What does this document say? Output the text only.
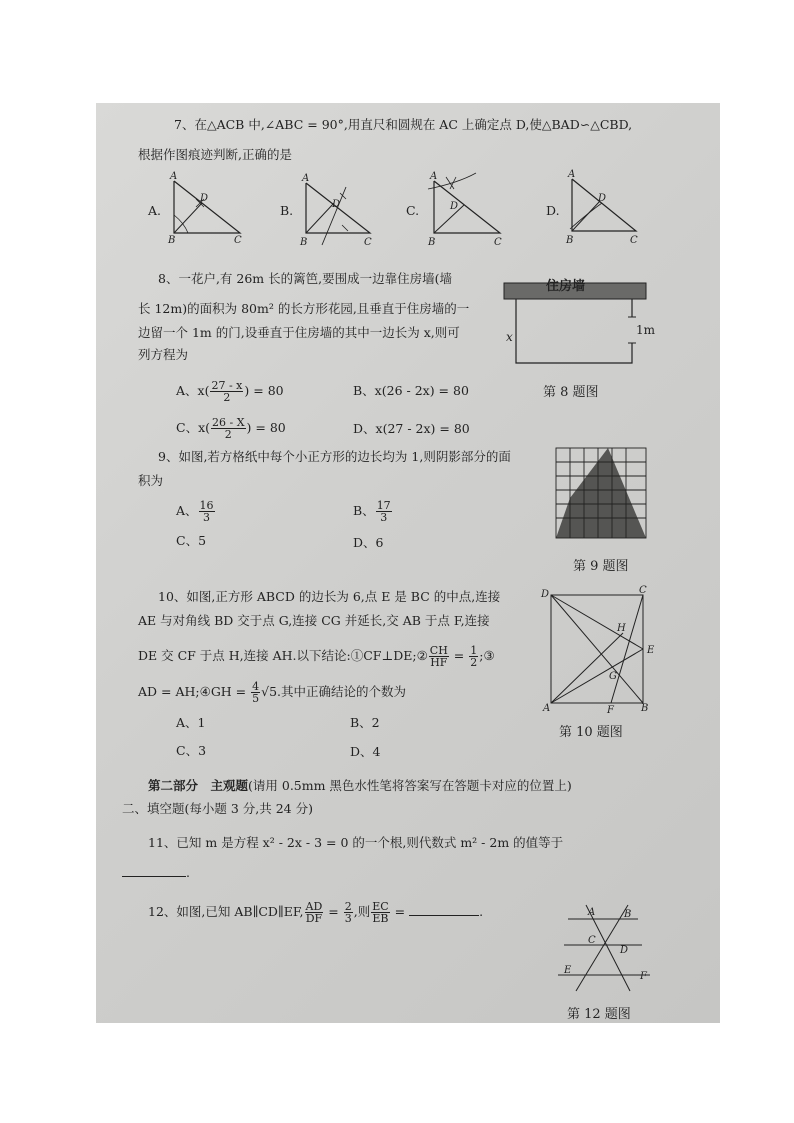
7、在△ACB 中,∠ABC = 90°,用直尺和圆规在 AC 上确定点 D,使△BAD∽△CBD,
根据作图痕迹判断,正确的是
A.
A
B	C
D
B.
A
B	C
D	C.
A
B	C
D	D.
A
B	C
D
8、一花户,有 26m 长的篱笆,要围成一边靠住房墙(墙
长 12m)的面积为 80m² 的长方形花园,且垂直于住房墙的一
边留一个 1m 的门,设垂直于住房墙的其中一边长为 x,则可
列方程为
A、$x( \frac{27 - x}{2}$ ) = 80	B、x(26 - 2x) = 80
C、$x( \frac{26 - X}{2}$ ) = 80	D、x(27 - 2x) = 80
x	1m
住房墙
第 8 题图
9、如图,若方格纸中每个小正方形的边长均为 1,则阴影部分的面
积为
A、 $\frac{16}{3}$	B、 $\frac{17}{3}$
C、5	D、6
第 9 题图
10、如图,正方形 ABCD 的边长为 6,点 E 是 BC 的中点,连接
AE 与对角线 BD 交于点 G,连接 CG 并延长,交 AB 于点 F,连接
DE 交 CF 于点 H,连接 AH.以下结论:①CF⊥DE;② $\frac{CH}{HF} = \frac{1}{2}$ ;③
AD = AH;④GH = $\frac{4}{5} √5$.其中正确结论的个数为
A、1	B、2
C、3	D、4
D	C
A	B
E
F
G
H
第 10 题图
第二部分　主观题(请用 0.5mm 黑色水性笔将答案写在答题卡对应的位置上)
二、填空题(每小题 3 分,共 24 分)
11、已知 m 是方程 x² - 2x - 3 = 0 的一个根,则代数式 m² - 2m 的值等于
.
12、如图,已知 AB∥CD∥EF, $\frac{AD}{DF} = \frac{2}{3}$ ,则 $\frac{EC}{EB}$ =	.	A	B
C
D
E
F
第 12 题图
